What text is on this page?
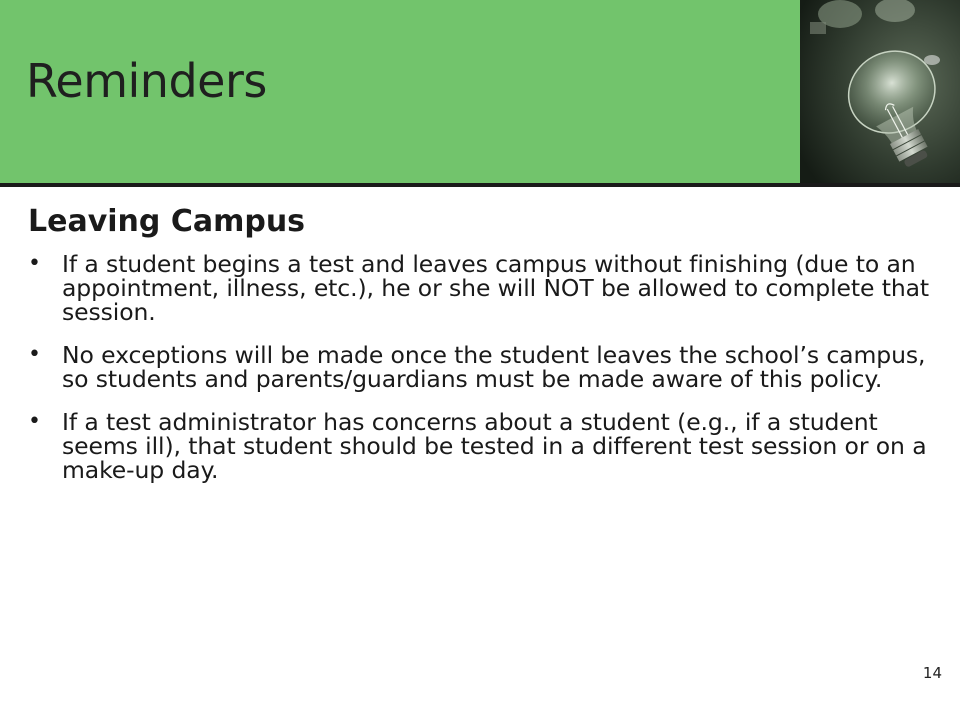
Reminders
Leaving Campus
• If a student begins a test and leaves campus without finishing (due to an appointment, illness, etc.), he or she will NOT be allowed to complete that session.
• No exceptions will be made once the student leaves the school’s campus, so students and parents/guardians must be made aware of this policy.
• If a test administrator has concerns about a student (e.g., if a student seems ill), that student should be tested in a different test session or on a make-up day.
14
